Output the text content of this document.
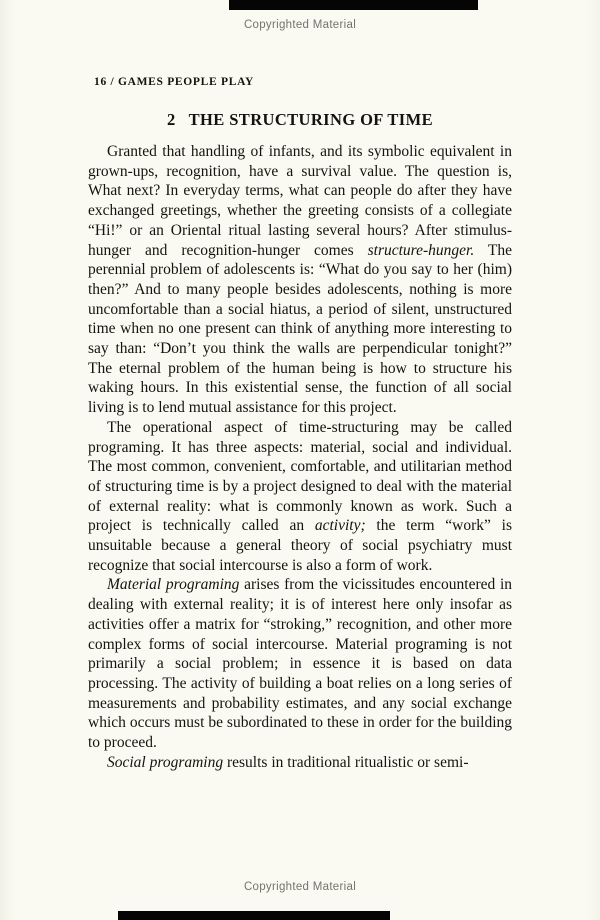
Copyrighted Material
16 / GAMES PEOPLE PLAY
2 THE STRUCTURING OF TIME

Granted that handling of infants, and its symbolic equivalent in grown-ups, recognition, have a survival value. The question is, What next? In everyday terms, what can people do after they have exchanged greetings, whether the greeting consists of a collegiate “Hi!” or an Oriental ritual lasting several hours? After stimulus-hunger and recognition-hunger comes structure-hunger. The perennial problem of adolescents is: “What do you say to her (him) then?” And to many people besides adolescents, nothing is more uncomfortable than a social hiatus, a period of silent, unstructured time when no one present can think of anything more interesting to say than: “Don’t you think the walls are perpendicular tonight?” The eternal problem of the human being is how to structure his waking hours. In this existential sense, the function of all social living is to lend mutual assistance for this project.

The operational aspect of time-structuring may be called programing. It has three aspects: material, social and individual. The most common, convenient, comfortable, and utilitarian method of structuring time is by a project designed to deal with the material of external reality: what is commonly known as work. Such a project is technically called an activity; the term “work” is unsuitable because a general theory of social psychiatry must recognize that social intercourse is also a form of work.

Material programing arises from the vicissitudes encountered in dealing with external reality; it is of interest here only insofar as activities offer a matrix for “stroking,” recognition, and other more complex forms of social intercourse. Material programing is not primarily a social problem; in essence it is based on data processing. The activity of building a boat relies on a long series of measurements and probability estimates, and any social exchange which occurs must be subordinated to these in order for the building to proceed.

Social programing results in traditional ritualistic or semi-

Copyrighted Material
